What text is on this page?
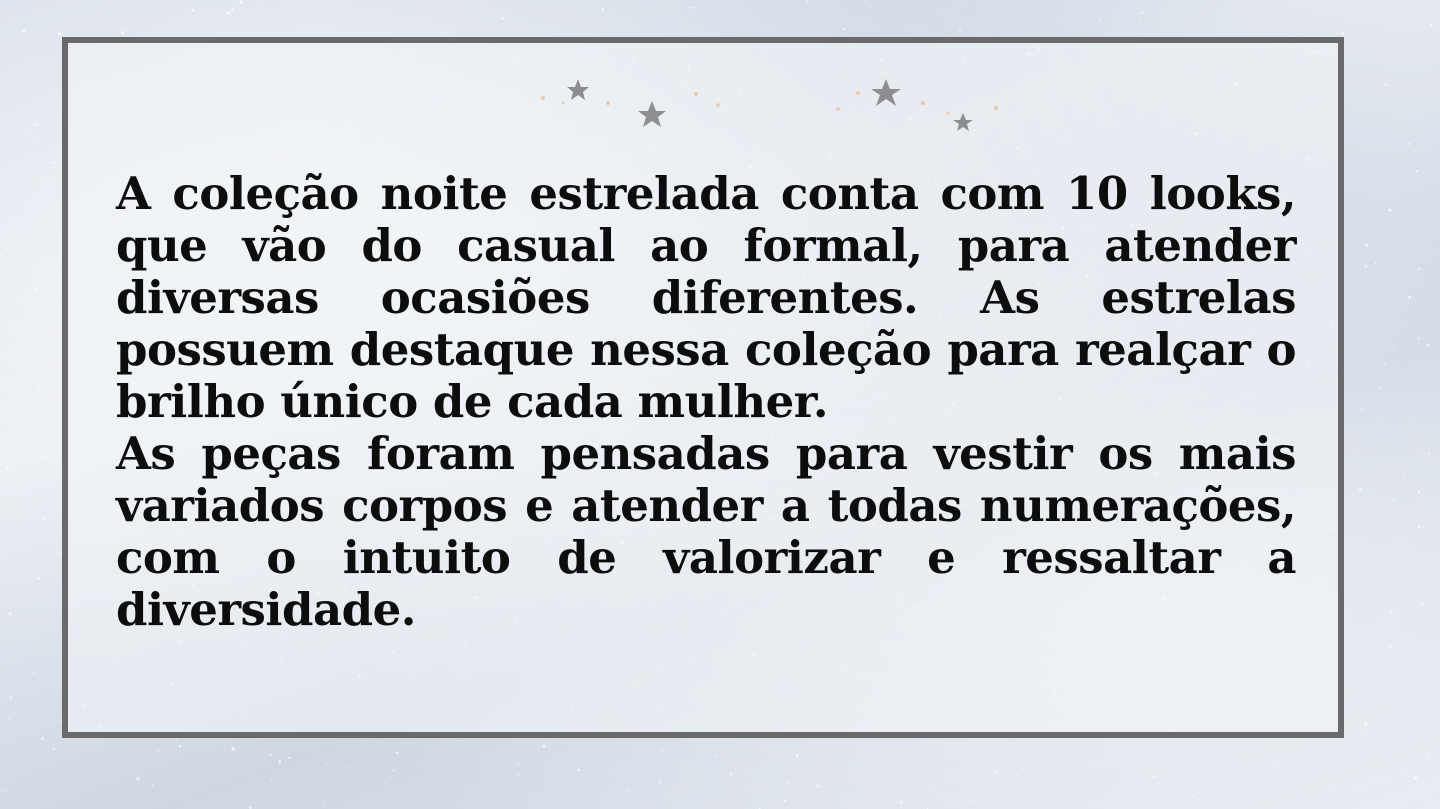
A coleção noite estrelada conta com 10 looks, que vão do casual ao formal, para atender diversas ocasiões diferentes. As estrelas possuem destaque nessa coleção para realçar o brilho único de cada mulher.

As peças foram pensadas para vestir os mais variados corpos e atender a todas numerações, com o intuito de valorizar e ressaltar a diversidade.
